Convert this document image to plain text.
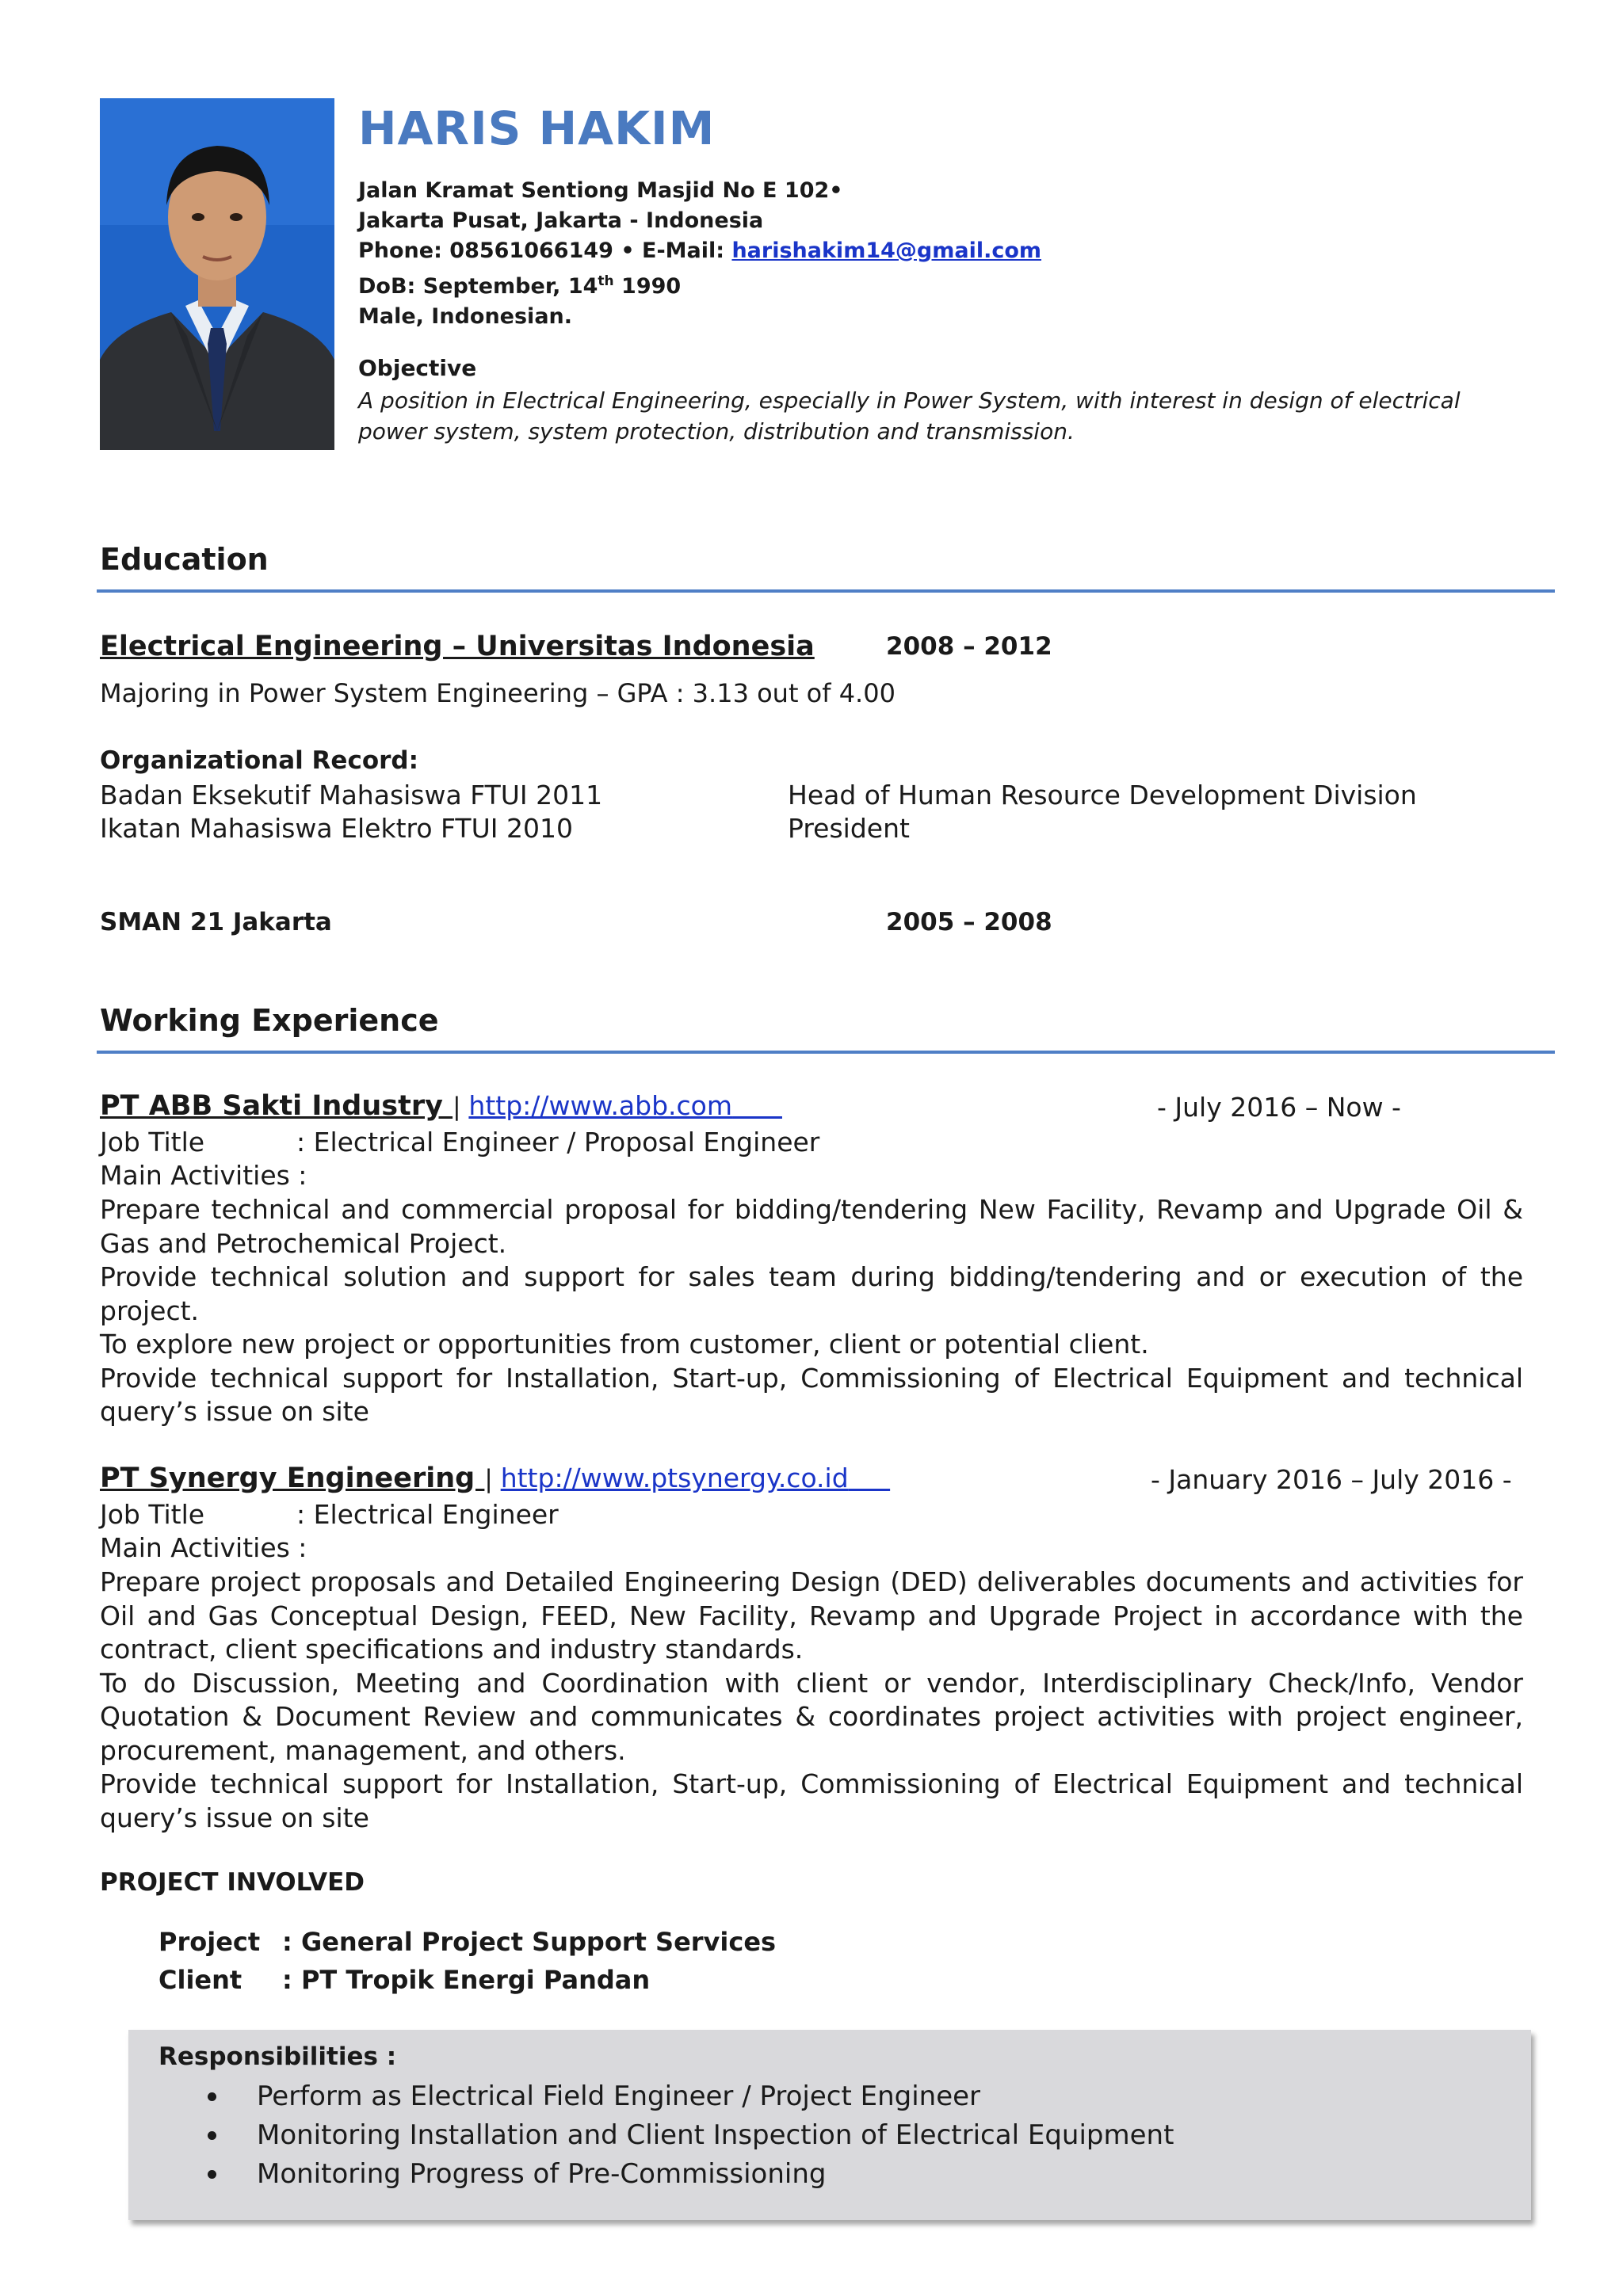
HARIS HAKIM
Jalan Kramat Sentiong Masjid No E 102•
Jakarta Pusat, Jakarta - Indonesia
Phone: 08561066149 • E-Mail: harishakim14@gmail.com
DoB: September, 14th 1990
Male, Indonesian.
Objective
A position in Electrical Engineering, especially in Power System, with interest in design of electrical power system, system protection, distribution and transmission.
Education
Electrical Engineering – Universitas Indonesia	2008 – 2012
Majoring in Power System Engineering – GPA : 3.13 out of 4.00
Organizational Record:
Badan Eksekutif Mahasiswa FTUI 2011	Head of Human Resource Development Division
Ikatan Mahasiswa Elektro FTUI 2010	President
SMAN 21 Jakarta	2005 – 2008
Working Experience
PT ABB Sakti Industry | http://www.abb.com	- July 2016 – Now -
Job Title	: Electrical Engineer / Proposal Engineer
Main Activities :

Prepare technical and commercial proposal for bidding/tendering New Facility, Revamp and Upgrade Oil & Gas and Petrochemical Project.

Provide technical solution and support for sales team during bidding/tendering and or execution of the project.

To explore new project or opportunities from customer, client or potential client.

Provide technical support for Installation, Start-up, Commissioning of Electrical Equipment and technical query’s issue on site

PT Synergy Engineering | http://www.ptsynergy.co.id	- January 2016 – July 2016 -
Job Title	: Electrical Engineer
Main Activities :

Prepare project proposals and Detailed Engineering Design (DED) deliverables documents and activities for Oil and Gas Conceptual Design, FEED, New Facility, Revamp and Upgrade Project in accordance with the contract, client specifications and industry standards.

To do Discussion, Meeting and Coordination with client or vendor, Interdisciplinary Check/Info, Vendor Quotation & Document Review and communicates & coordinates project activities with project engineer, procurement, management, and others.

Provide technical support for Installation, Start-up, Commissioning of Electrical Equipment and technical query’s issue on site

PROJECT INVOLVED
Project : General Project Support Services
Client : PT Tropik Energi Pandan
Responsibilities :
Perform as Electrical Field Engineer / Project Engineer
Monitoring Installation and Client Inspection of Electrical Equipment
Monitoring Progress of Pre-Commissioning
